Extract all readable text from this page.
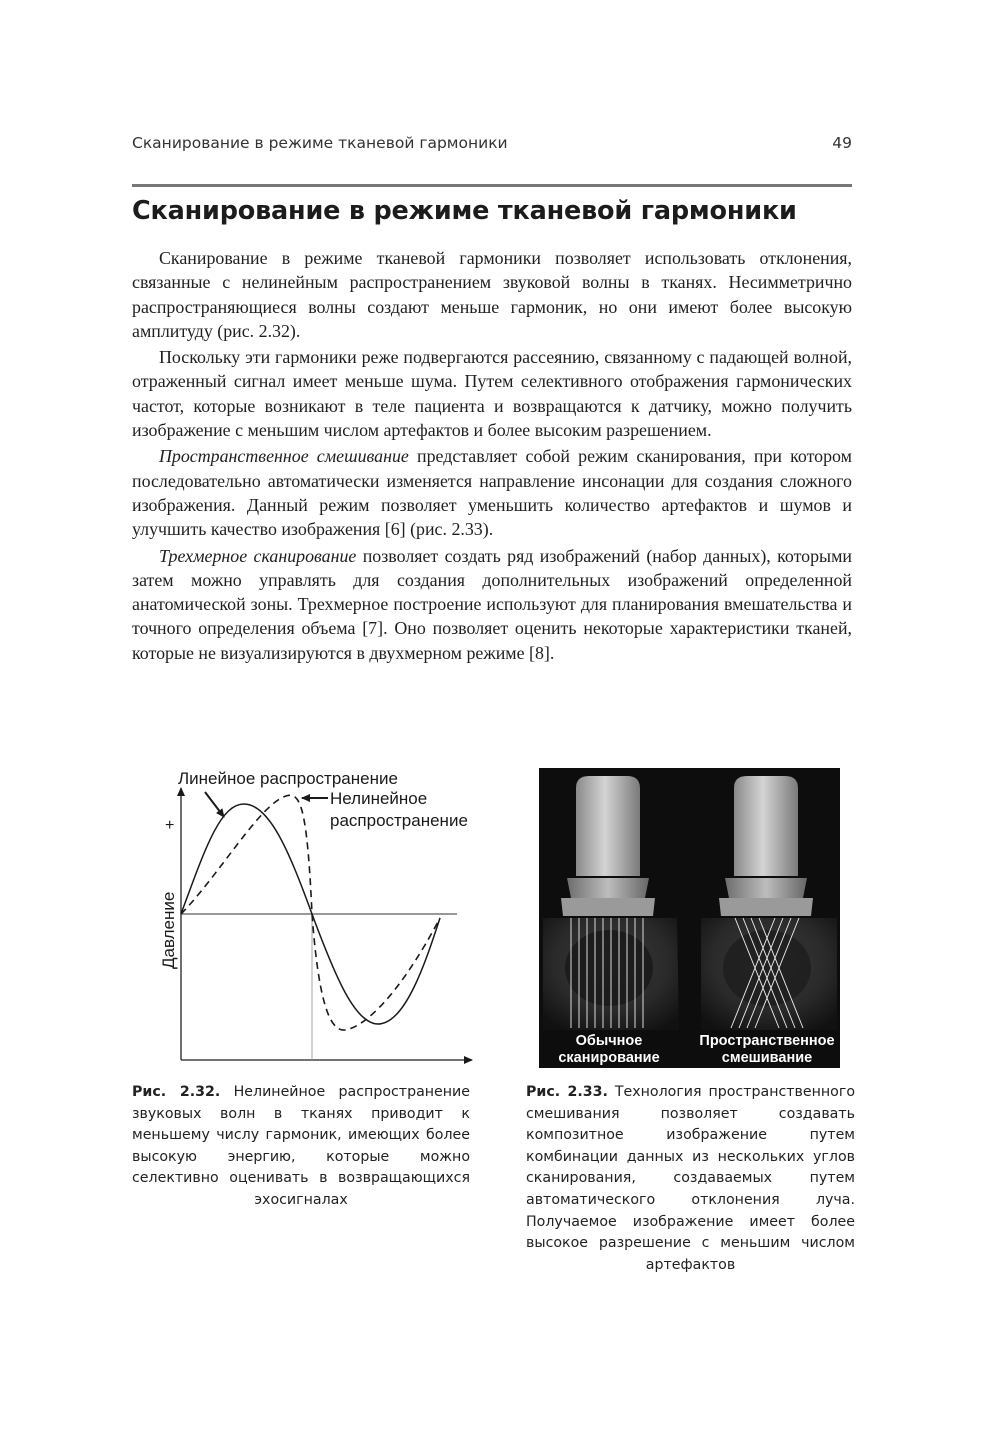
Сканирование в режиме тканевой гармоники	49
Сканирование в режиме тканевой гармоники

Сканирование в режиме тканевой гармоники позволяет использовать отклонения, связанные с нелинейным распространением звуковой волны в тканях. Несимметрично распространяющиеся волны создают меньше гармоник, но они имеют более высокую амплитуду (рис. 2.32).

Поскольку эти гармоники реже подвергаются рассеянию, связанному с падающей волной, отраженный сигнал имеет меньше шума. Путем селективного отображения гармонических частот, которые возникают в теле пациента и возвращаются к датчику, можно получить изображение с меньшим числом артефактов и более высоким разрешением.

Пространственное смешивание представляет собой режим сканирования, при котором последовательно автоматически изменяется направление инсонации для создания сложного изображения. Данный режим позволяет уменьшить количество артефактов и шумов и улучшить качество изображения [6] (рис. 2.33).

Трехмерное сканирование позволяет создать ряд изображений (набор данных), которыми затем можно управлять для создания дополнительных изображений определенной анатомической зоны. Трехмерное построение используют для планирования вмешательства и точного определения объема [7]. Оно позволяет оценить некоторые характеристики тканей, которые не визуализируются в двухмерном режиме [8].

Линейное распространение
Нелинейное
распространение
+
Давление
Обычное
сканирование
Пространственное
смешивание
Рис. 2.32. Нелинейное распространение звуковых волн в тканях приводит к меньшему числу гармоник, имеющих более высокую энергию, которые можно селективно оценивать в возвращающихся эхосигналах
Рис. 2.33. Технология пространственного смешивания позволяет создавать композитное изображение путем комбинации данных из нескольких углов сканирования, создаваемых путем автоматического отклонения луча. Получаемое изображение имеет более высокое разрешение с меньшим числом артефактов
